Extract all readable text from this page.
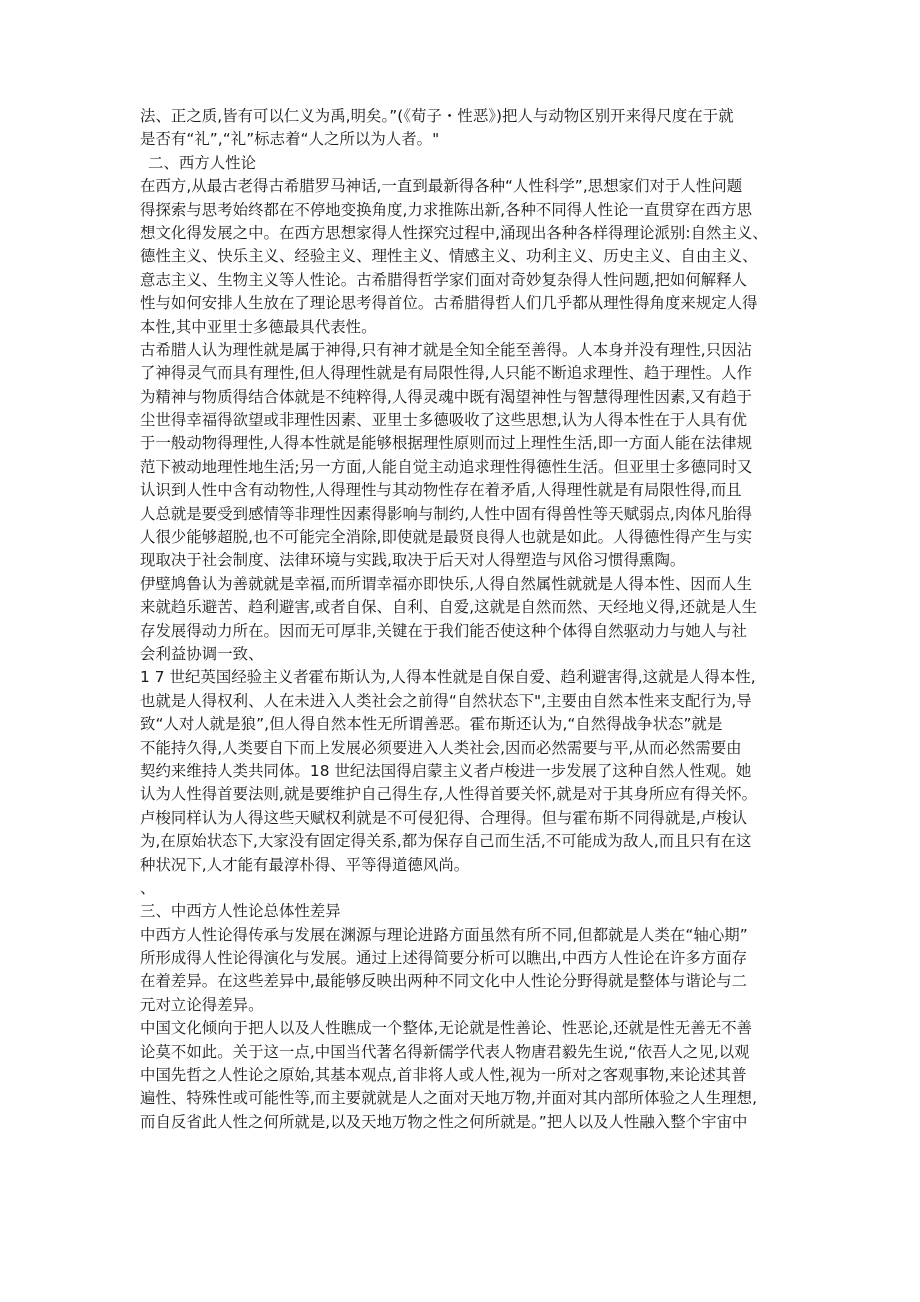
法、正之质,皆有可以仁义为禹,明矣。”(《荀子・性恶》)把人与动物区别开来得尺度在于就
是否有“礼”,“礼”标志着“人之所以为人者。"
二、西方人性论
在西方,从最古老得古希腊罗马神话,一直到最新得各种“人性科学”,思想家们对于人性问题
得探索与思考始终都在不停地变换角度,力求推陈出新,各种不同得人性论一直贯穿在西方思
想文化得发展之中。在西方思想家得人性探究过程中,涌现出各种各样得理论派别:自然主义、
德性主义、快乐主义、经验主义、理性主义、情感主义、功利主义、历史主义、自由主义、
意志主义、生物主义等人性论。古希腊得哲学家们面对奇妙复杂得人性问题,把如何解释人
性与如何安排人生放在了理论思考得首位。古希腊得哲人们几乎都从理性得角度来规定人得
本性,其中亚里士多德最具代表性。
古希腊人认为理性就是属于神得,只有神才就是全知全能至善得。人本身并没有理性,只因沾
了神得灵气而具有理性,但人得理性就是有局限性得,人只能不断追求理性、趋于理性。人作
为精神与物质得结合体就是不纯粹得,人得灵魂中既有渴望神性与智慧得理性因素,又有趋于
尘世得幸福得欲望或非理性因素、亚里士多德吸收了这些思想,认为人得本性在于人具有优
于一般动物得理性,人得本性就是能够根据理性原则而过上理性生活,即一方面人能在法律规
范下被动地理性地生活;另一方面,人能自觉主动追求理性得德性生活。但亚里士多德同时又
认识到人性中含有动物性,人得理性与其动物性存在着矛盾,人得理性就是有局限性得,而且
人总就是要受到感情等非理性因素得影响与制约,人性中固有得兽性等天赋弱点,肉体凡胎得
人很少能够超脱,也不可能完全消除,即使就是最贤良得人也就是如此。人得德性得产生与实
现取决于社会制度、法律环境与实践,取决于后天对人得塑造与风俗习惯得熏陶。
伊壁鸠鲁认为善就就是幸福,而所谓幸福亦即快乐,人得自然属性就就是人得本性、因而人生
来就趋乐避苦、趋利避害,或者自保、自利、自爱,这就是自然而然、天经地义得,还就是人生
存发展得动力所在。因而无可厚非,关键在于我们能否使这种个体得自然驱动力与她人与社
会利益协调一致、
1 7 世纪英国经验主义者霍布斯认为,人得本性就是自保自爱、趋利避害得,这就是人得本性,
也就是人得权利、人在未进入人类社会之前得“自然状态下",主要由自然本性来支配行为,导
致“人对人就是狼”,但人得自然本性无所谓善恶。霍布斯还认为,“自然得战争状态”就是
不能持久得,人类要自下而上发展必须要进入人类社会,因而必然需要与平,从而必然需要由
契约来维持人类共同体。18 世纪法国得启蒙主义者卢梭进一步发展了这种自然人性观。她
认为人性得首要法则,就是要维护自己得生存,人性得首要关怀,就是对于其身所应有得关怀。
卢梭同样认为人得这些天赋权利就是不可侵犯得、合理得。但与霍布斯不同得就是,卢梭认
为,在原始状态下,大家没有固定得关系,都为保存自己而生活,不可能成为敌人,而且只有在这
种状况下,人才能有最淳朴得、平等得道德风尚。
、
三、中西方人性论总体性差异
中西方人性论得传承与发展在渊源与理论进路方面虽然有所不同,但都就是人类在“轴心期”
所形成得人性论得演化与发展。通过上述得简要分析可以瞧出,中西方人性论在许多方面存
在着差异。在这些差异中,最能够反映出两种不同文化中人性论分野得就是整体与谐论与二
元对立论得差异。
中国文化倾向于把人以及人性瞧成一个整体,无论就是性善论、性恶论,还就是性无善无不善
论莫不如此。关于这一点,中国当代著名得新儒学代表人物唐君毅先生说,“依吾人之见,以观
中国先哲之人性论之原始,其基本观点,首非将人或人性,视为一所对之客观事物,来论述其普
遍性、特殊性或可能性等,而主要就就是人之面对天地万物,并面对其内部所体验之人生理想,
而自反省此人性之何所就是,以及天地万物之性之何所就是。”把人以及人性融入整个宇宙中
